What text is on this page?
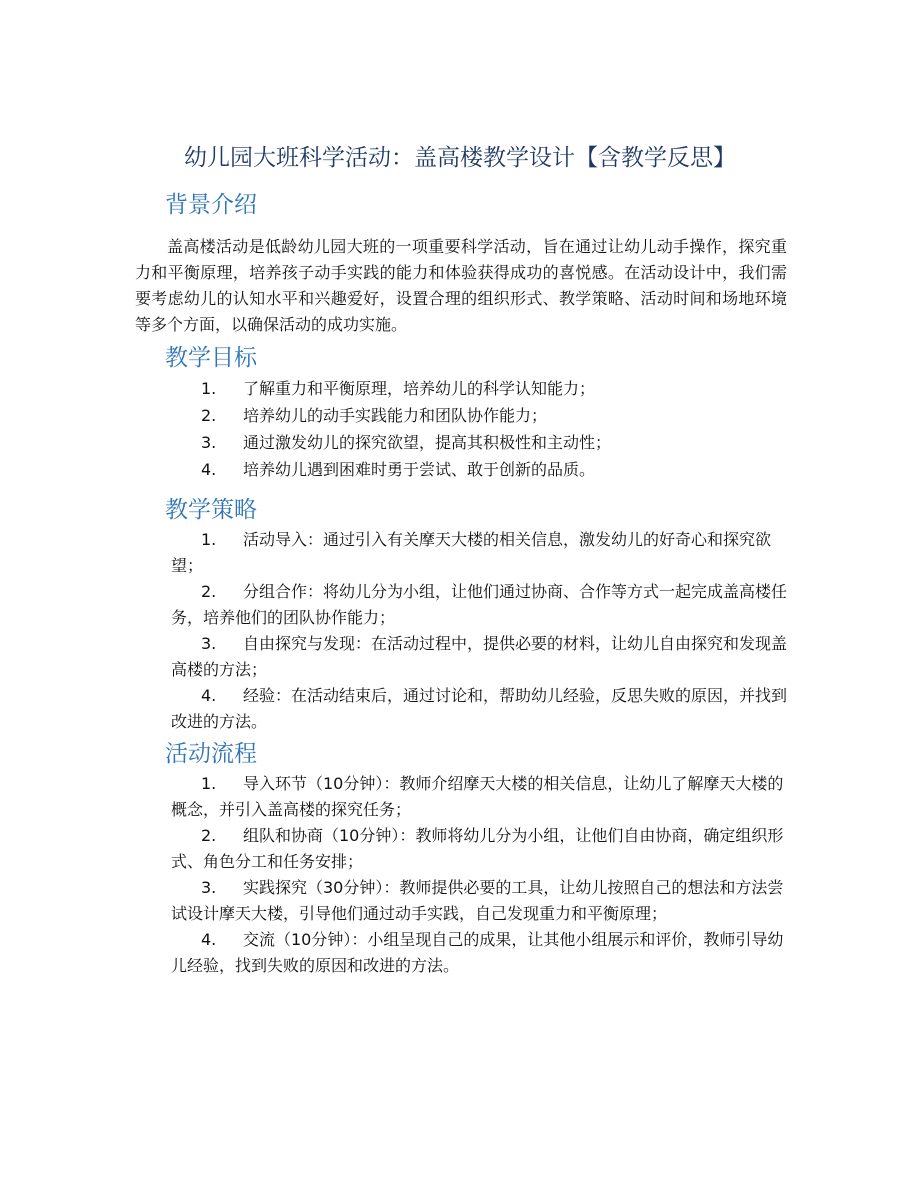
幼儿园大班科学活动：盖高楼教学设计【含教学反思】
背景介绍

盖高楼活动是低龄幼儿园大班的一项重要科学活动，旨在通过让幼儿动手操作，探究重力和平衡原理，培养孩子动手实践的能力和体验获得成功的喜悦感。在活动设计中，我们需要考虑幼儿的认知水平和兴趣爱好，设置合理的组织形式、教学策略、活动时间和场地环境等多个方面，以确保活动的成功实施。

教学目标
1.	了解重力和平衡原理，培养幼儿的科学认知能力；
2.	培养幼儿的动手实践能力和团队协作能力；
3.	通过激发幼儿的探究欲望，提高其积极性和主动性；
4.	培养幼儿遇到困难时勇于尝试、敢于创新的品质。
教学策略
1.	活动导入：通过引入有关摩天大楼的相关信息，激发幼儿的好奇心和探究欲望；
2.	分组合作：将幼儿分为小组，让他们通过协商、合作等方式一起完成盖高楼任务，培养他们的团队协作能力；
3.	自由探究与发现：在活动过程中，提供必要的材料，让幼儿自由探究和发现盖高楼的方法；
4.	经验：在活动结束后，通过讨论和，帮助幼儿经验，反思失败的原因，并找到改进的方法。
活动流程
1.	导入环节（10分钟）：教师介绍摩天大楼的相关信息，让幼儿了解摩天大楼的概念，并引入盖高楼的探究任务；
2.	组队和协商（10分钟）：教师将幼儿分为小组，让他们自由协商，确定组织形式、角色分工和任务安排；
3.	实践探究（30分钟）：教师提供必要的工具，让幼儿按照自己的想法和方法尝试设计摩天大楼，引导他们通过动手实践，自己发现重力和平衡原理；
4.	交流（10分钟）：小组呈现自己的成果，让其他小组展示和评价，教师引导幼儿经验，找到失败的原因和改进的方法。
